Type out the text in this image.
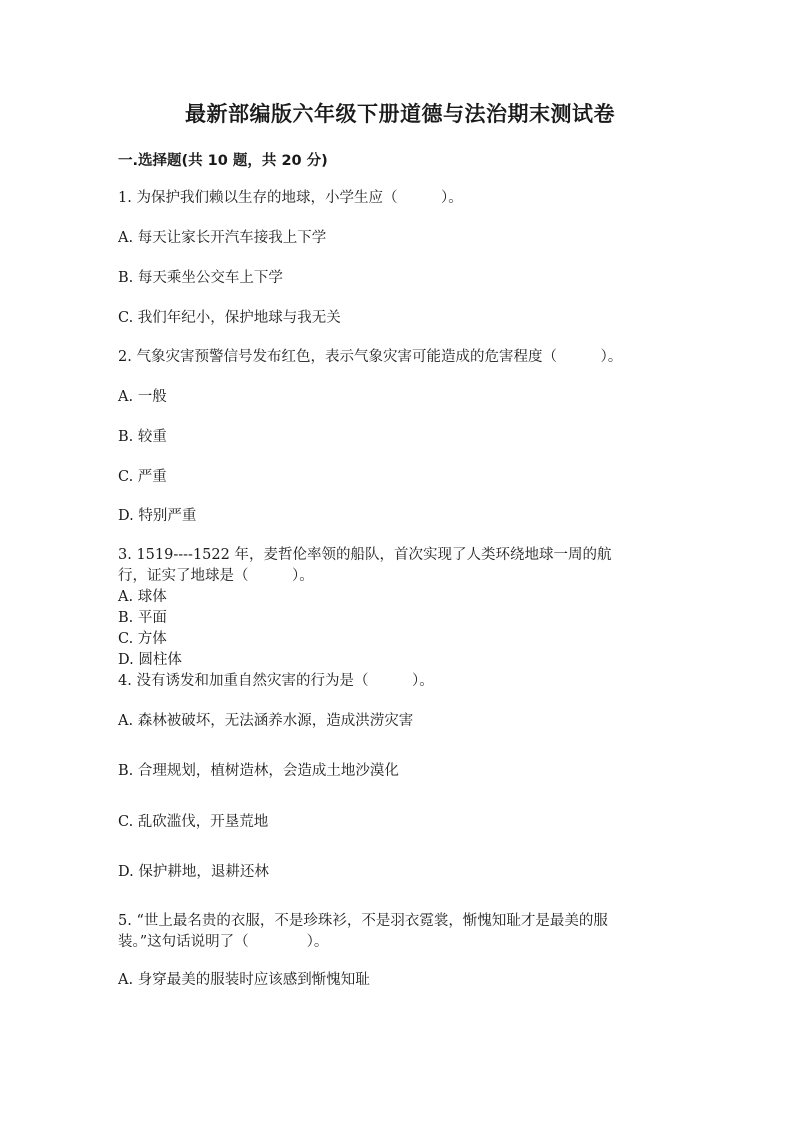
最新部编版六年级下册道德与法治期末测试卷
一.选择题(共 10 题，共 20 分)
1. 为保护我们赖以生存的地球，小学生应（　　　）。
A. 每天让家长开汽车接我上下学
B. 每天乘坐公交车上下学
C. 我们年纪小，保护地球与我无关
2. 气象灾害预警信号发布红色，表示气象灾害可能造成的危害程度（　　　）。
A. 一般
B. 较重
C. 严重
D. 特别严重
3. 1519----1522 年，麦哲伦率领的船队，首次实现了人类环绕地球一周的航
行，证实了地球是（　　　）。
A. 球体
B. 平面
C. 方体
D. 圆柱体
4. 没有诱发和加重自然灾害的行为是（　　　）。
A. 森林被破坏，无法涵养水源，造成洪涝灾害
B. 合理规划，植树造林，会造成土地沙漠化
C. 乱砍滥伐，开垦荒地
D. 保护耕地，退耕还林
5. “世上最名贵的衣服，不是珍珠衫，不是羽衣霓裳，惭愧知耻才是最美的服
装。”这句话说明了（　　　　）。
A. 身穿最美的服装时应该感到惭愧知耻
